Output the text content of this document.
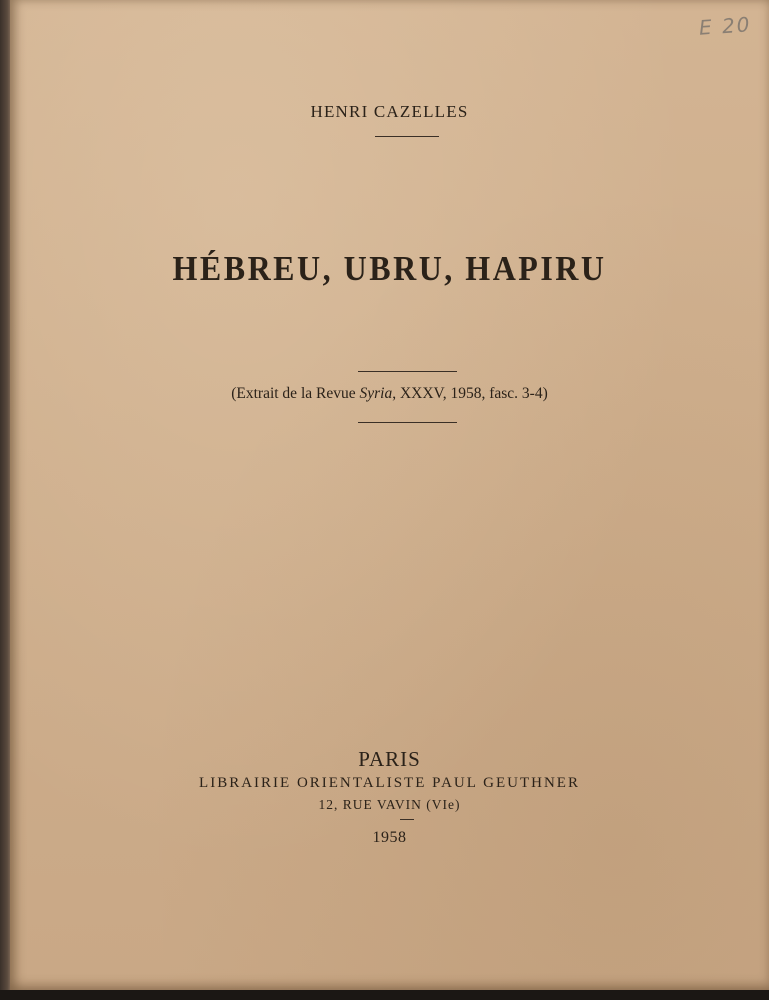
E 20
HENRI CAZELLES
HÉBREU, UBRU, HAPIRU
(Extrait de la Revue Syria, XXXV, 1958, fasc. 3-4)
PARIS
LIBRAIRIE ORIENTALISTE PAUL GEUTHNER
12, RUE VAVIN (VIe)
1958
